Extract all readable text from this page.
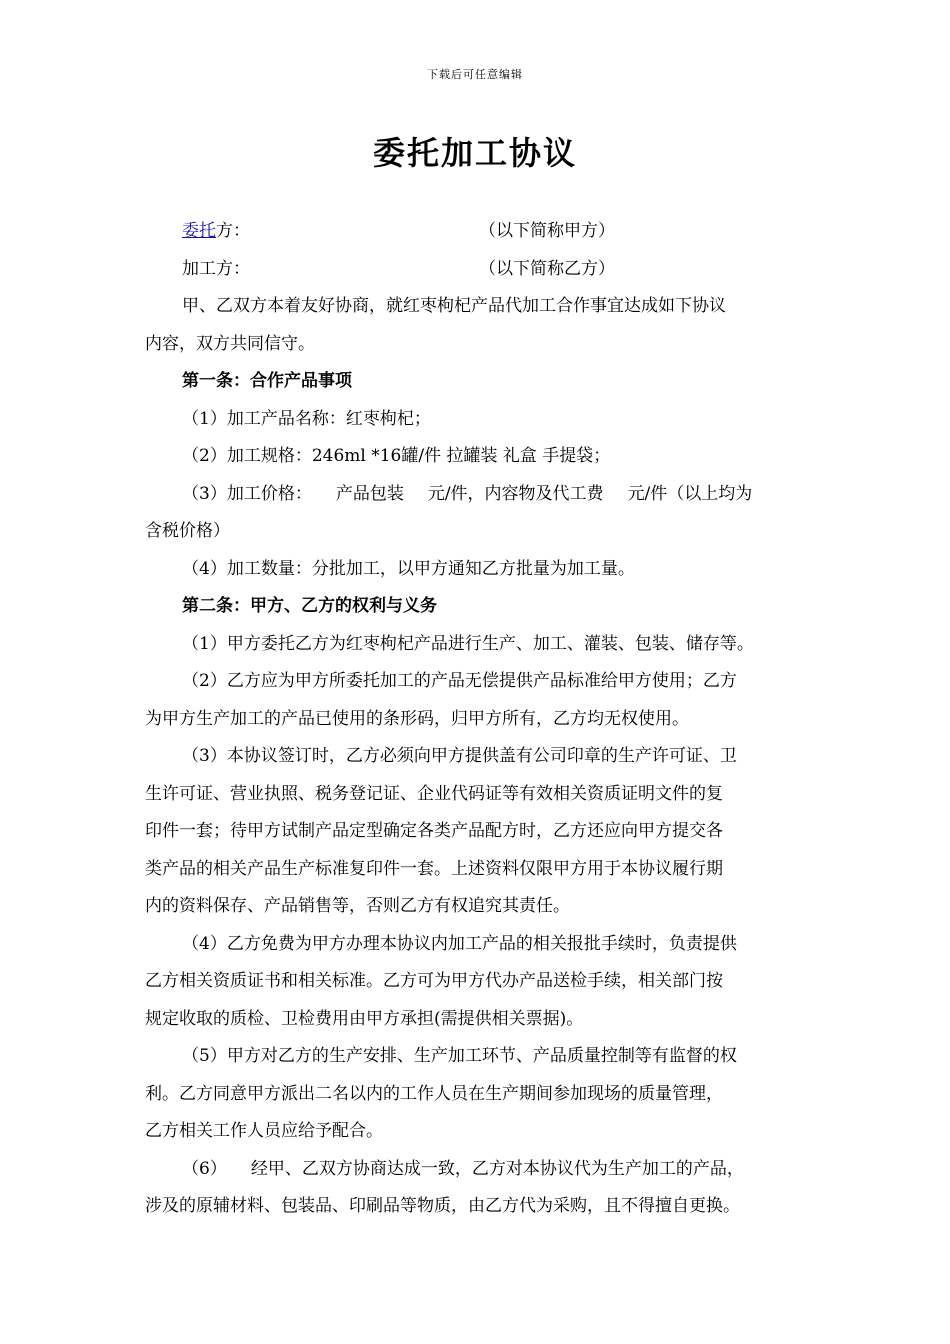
下载后可任意编辑
委托加工协议
委托方：	（以下简称甲方）
加工方：	（以下简称乙方）
甲、乙双方本着友好协商，就红枣枸杞产品代加工合作事宜达成如下协议
内容，双方共同信守。
第一条：合作产品事项
（1）加工产品名称：红枣枸杞；
（2）加工规格：246ml *16罐/件 拉罐装 礼盒 手提袋；
（3）加工价格： 产品包装 元/件，内容物及代工费 元/件（以上均为
含税价格）
（4）加工数量：分批加工，以甲方通知乙方批量为加工量。
第二条：甲方、乙方的权利与义务
（1）甲方委托乙方为红枣枸杞产品进行生产、加工、灌装、包装、储存等。
（2）乙方应为甲方所委托加工的产品无偿提供产品标准给甲方使用；乙方
为甲方生产加工的产品已使用的条形码，归甲方所有，乙方均无权使用。
（3）本协议签订时，乙方必须向甲方提供盖有公司印章的生产许可证、卫
生许可证、营业执照、税务登记证、企业代码证等有效相关资质证明文件的复
印件一套；待甲方试制产品定型确定各类产品配方时，乙方还应向甲方提交各
类产品的相关产品生产标准复印件一套。上述资料仅限甲方用于本协议履行期
内的资料保存、产品销售等，否则乙方有权追究其责任。
（4）乙方免费为甲方办理本协议内加工产品的相关报批手续时，负责提供
乙方相关资质证书和相关标准。乙方可为甲方代办产品送检手续，相关部门按
规定收取的质检、卫检费用由甲方承担(需提供相关票据)。
（5）甲方对乙方的生产安排、生产加工环节、产品质量控制等有监督的权
利。乙方同意甲方派出二名以内的工作人员在生产期间参加现场的质量管理，
乙方相关工作人员应给予配合。
（6） 经甲、乙双方协商达成一致，乙方对本协议代为生产加工的产品，
涉及的原辅材料、包装品、印刷品等物质，由乙方代为采购，且不得擅自更换。
